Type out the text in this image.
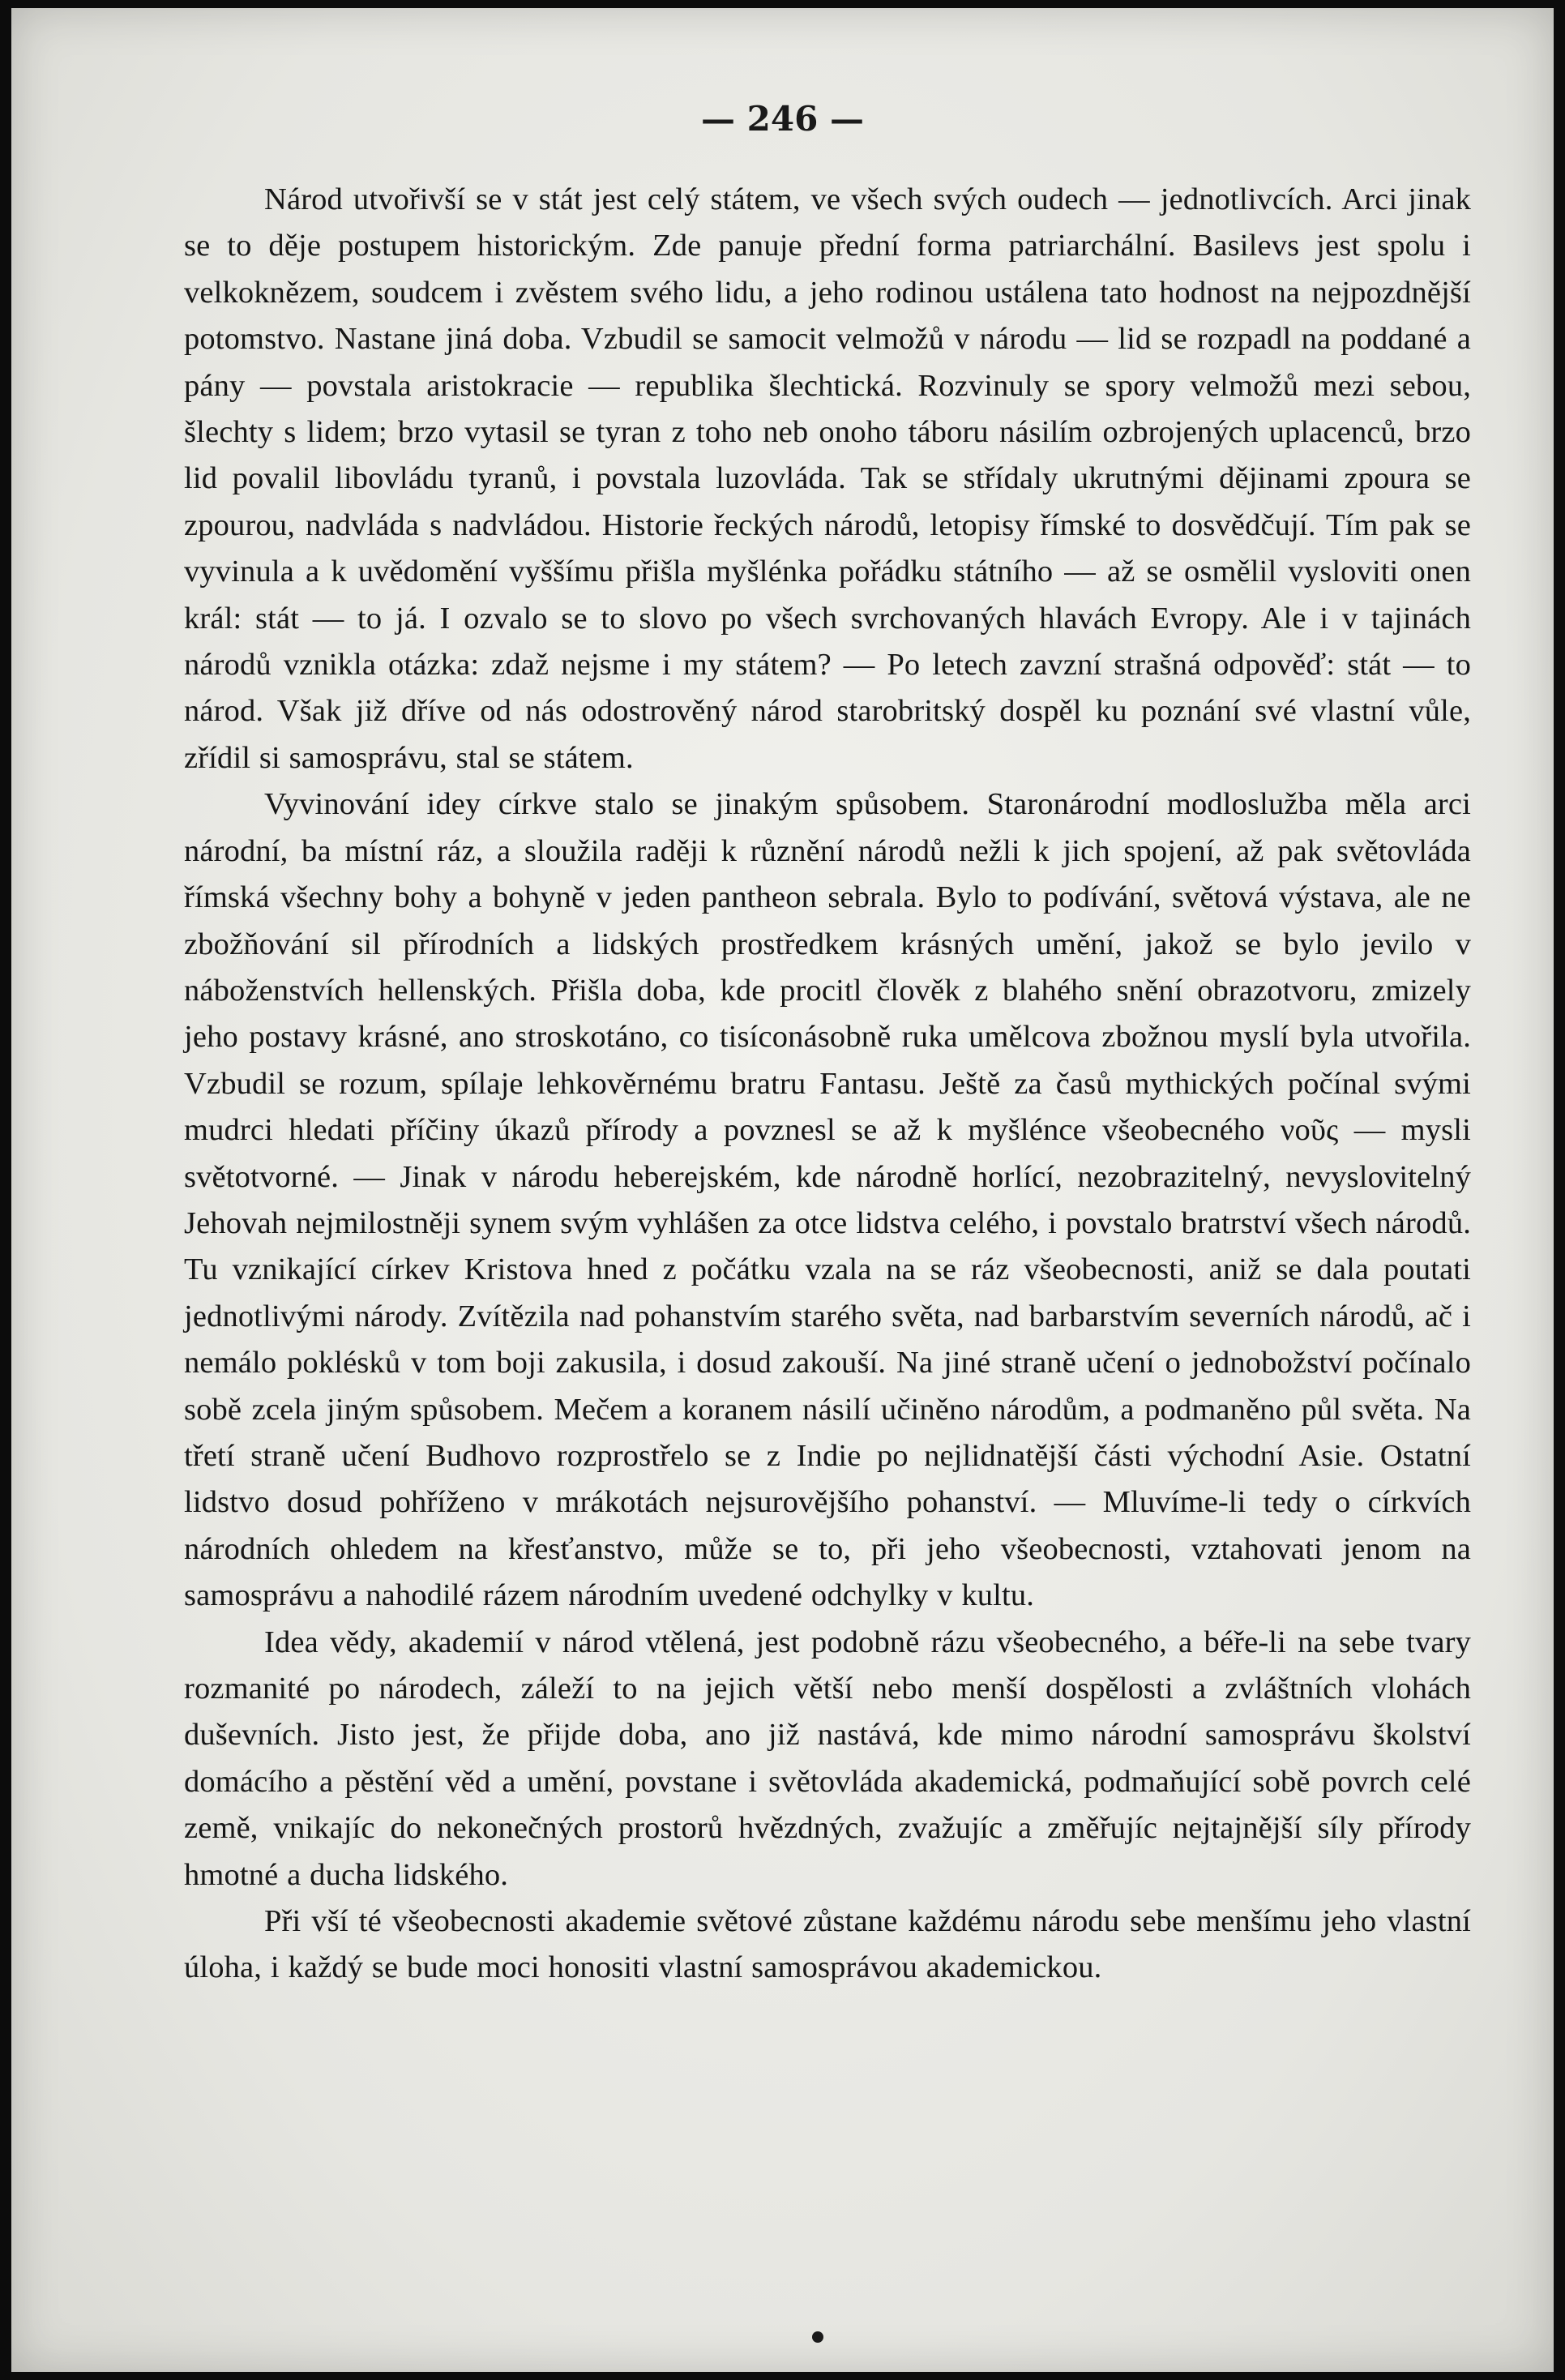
— 246 —

Národ utvořivší se v stát jest celý státem, ve všech svých oudech — jednotlivcích. Arci jinak se to děje postupem historickým. Zde panuje přední forma patriarchální. Basilevs jest spolu i velkoknězem, soudcem i zvěstem svého lidu, a jeho rodinou ustálena tato hodnost na nejpozdnější potomstvo. Nastane jiná doba. Vzbudil se samocit velmožů v národu — lid se rozpadl na poddané a pány — povstala aristokracie — republika šlechtická. Rozvinuly se spory velmožů mezi sebou, šlechty s lidem; brzo vytasil se tyran z toho neb onoho táboru násilím ozbrojených uplacenců, brzo lid povalil libovládu tyranů, i povstala luzovláda. Tak se střídaly ukrutnými dějinami zpoura se zpourou, nadvláda s nadvládou. Historie řeckých národů, letopisy římské to dosvědčují. Tím pak se vyvinula a k uvědomění vyššímu přišla myšlénka pořádku státního — až se osmělil vysloviti onen král: stát — to já. I ozvalo se to slovo po všech svrchovaných hlavách Evropy. Ale i v tajinách národů vznikla otázka: zdaž nejsme i my státem? — Po letech zavzní strašná odpověď: stát — to národ. Však již dříve od nás odostrověný národ starobritský dospěl ku poznání své vlastní vůle, zřídil si samosprávu, stal se státem.

Vyvinování idey církve stalo se jinakým spůsobem. Staronárodní modloslužba měla arci národní, ba místní ráz, a sloužila raději k různění národů nežli k jich spojení, až pak světovláda římská všechny bohy a bohyně v jeden pantheon sebrala. Bylo to podívání, světová výstava, ale ne zbožňování sil přírodních a lidských prostředkem krásných umění, jakož se bylo jevilo v náboženstvích hellenských. Přišla doba, kde procitl člověk z blahého snění obrazotvoru, zmizely jeho postavy krásné, ano stroskotáno, co tisíconásobně ruka umělcova zbožnou myslí byla utvořila. Vzbudil se rozum, spílaje lehkověrnému bratru Fantasu. Ještě za časů mythických počínal svými mudrci hledati příčiny úkazů přírody a povznesl se až k myšlénce všeobecného νοῦς — mysli světotvorné. — Jinak v národu heberejském, kde národně horlící, nezobrazitelný, nevyslovitelný Jehovah nejmilostněji synem svým vyhlášen za otce lidstva celého, i povstalo bratrství všech národů. Tu vznikající církev Kristova hned z počátku vzala na se ráz všeobecnosti, aniž se dala poutati jednotlivými národy. Zvítězila nad pohanstvím starého světa, nad barbarstvím severních národů, ač i nemálo poklésků v tom boji zakusila, i dosud zakouší. Na jiné straně učení o jednobožství počínalo sobě zcela jiným spůsobem. Mečem a koranem násilí učiněno národům, a podmaněno půl světa. Na třetí straně učení Budhovo rozprostřelo se z Indie po nejlidnatější části východní Asie. Ostatní lidstvo dosud pohříženo v mrákotách nejsurovějšího pohanství. — Mluvíme-li tedy o církvích národních ohledem na křesťanstvo, může se to, při jeho všeobecnosti, vztahovati jenom na samosprávu a nahodilé rázem národním uvedené odchylky v kultu.

Idea vědy, akademií v národ vtělená, jest podobně rázu všeobecného, a béře-li na sebe tvary rozmanité po národech, záleží to na jejich větší nebo menší dospělosti a zvláštních vlohách duševních. Jisto jest, že přijde doba, ano již nastává, kde mimo národní samosprávu školství domácího a pěstění věd a umění, povstane i světovláda akademická, podmaňující sobě povrch celé země, vnikajíc do nekonečných prostorů hvězdných, zvažujíc a změřujíc nejtajnější síly přírody hmotné a ducha lidského.

Při vší té všeobecnosti akademie světové zůstane každému národu sebe menšímu jeho vlastní úloha, i každý se bude moci honositi vlastní samosprávou akademickou.
